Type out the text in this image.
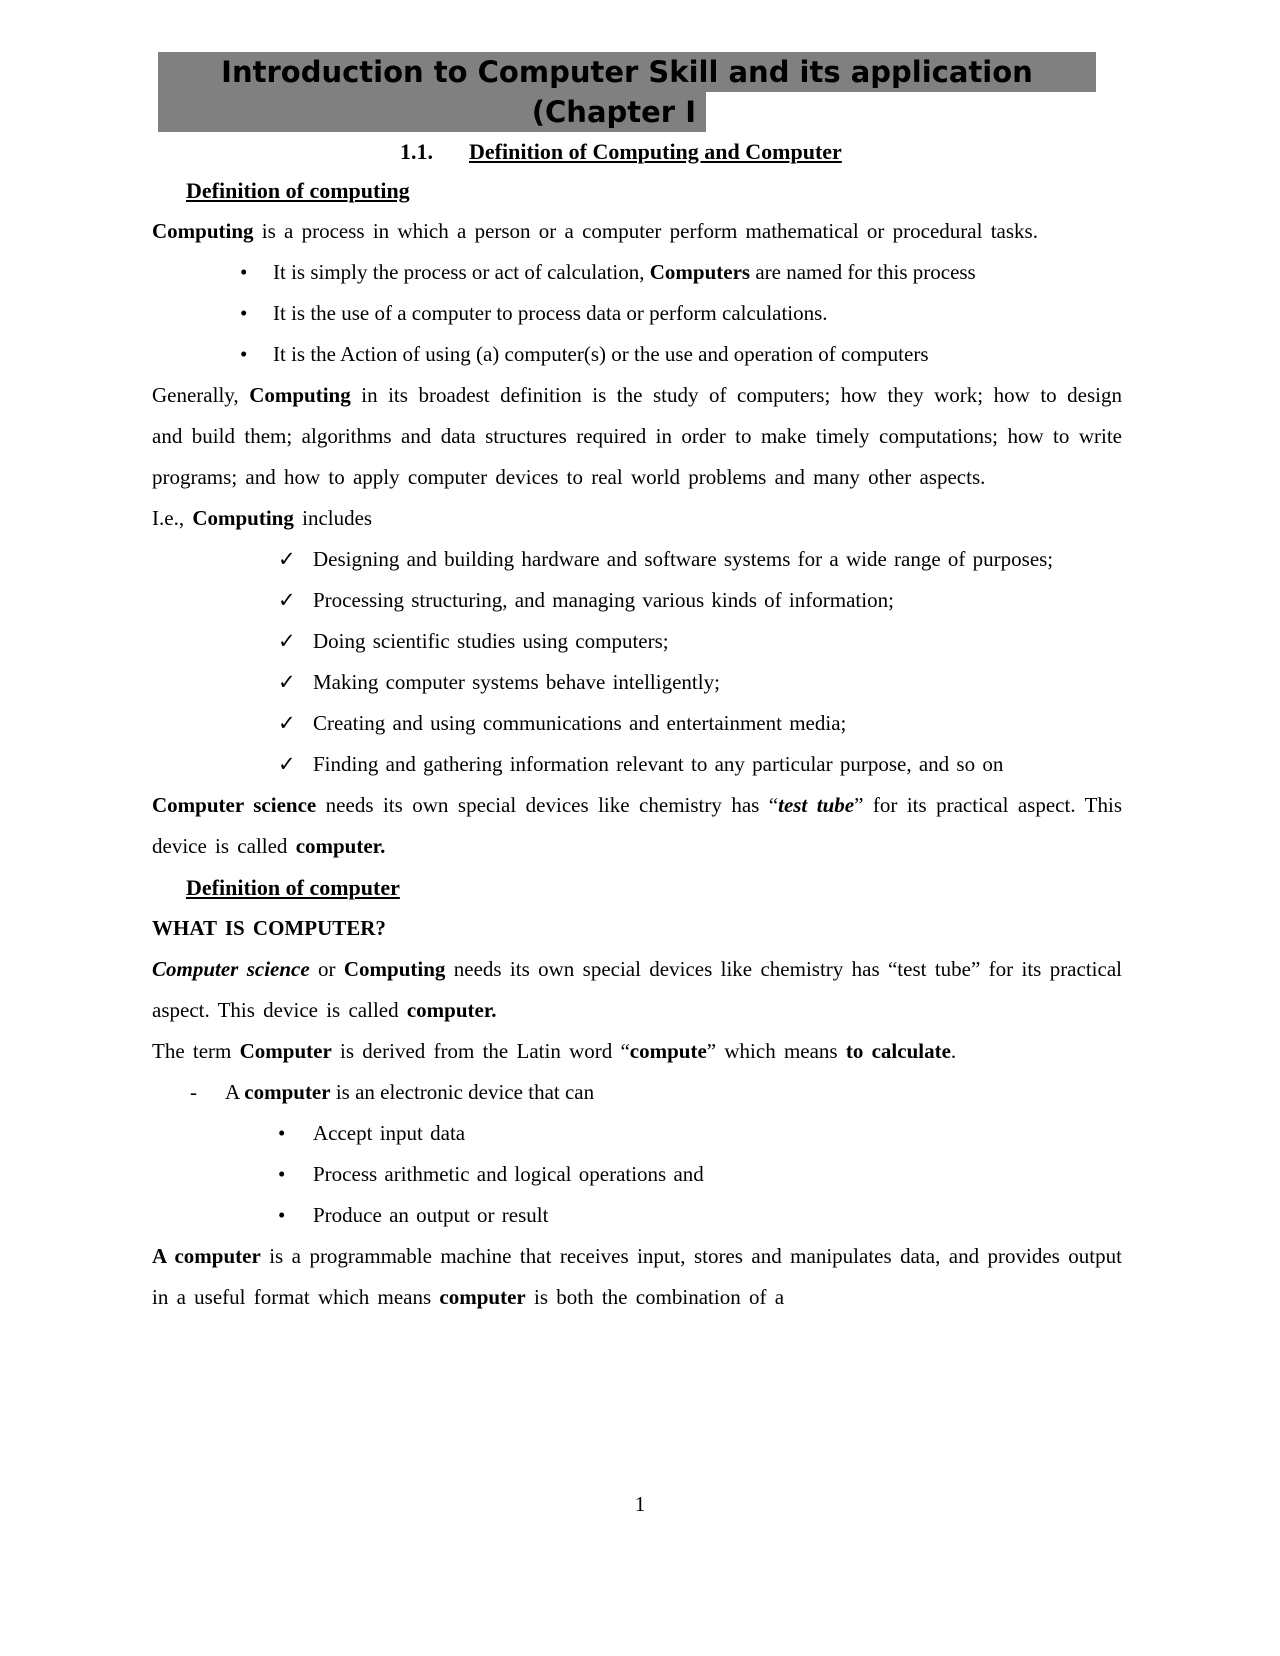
Introduction to Computer Skill and its application
(Chapter I
1.1. Definition of Computing and Computer
Definition of computing
Computing is a process in which a person or a computer perform mathematical or procedural tasks.
• It is simply the process or act of calculation, Computers are named for this process
• It is the use of a computer to process data or perform calculations.
• It is the Action of using (a) computer(s) or the use and operation of computers
Generally, Computing in its broadest definition is the study of computers; how they work; how to design and build them; algorithms and data structures required in order to make timely computations; how to write programs; and how to apply computer devices to real world problems and many other aspects.
I.e., Computing includes
✓ Designing and building hardware and software systems for a wide range of purposes;
✓ Processing structuring, and managing various kinds of information;
✓ Doing scientific studies using computers;
✓ Making computer systems behave intelligently;
✓ Creating and using communications and entertainment media;
✓ Finding and gathering information relevant to any particular purpose, and so on
Computer science needs its own special devices like chemistry has “test tube” for its practical aspect. This device is called computer.
Definition of computer
WHAT IS COMPUTER?
Computer science or Computing needs its own special devices like chemistry has “test tube” for its practical aspect. This device is called computer.
The term Computer is derived from the Latin word “compute” which means to calculate.
- A computer is an electronic device that can
• Accept input data
• Process arithmetic and logical operations and
• Produce an output or result
A computer is a programmable machine that receives input, stores and manipulates data, and provides output in a useful format which means computer is both the combination of a
1
